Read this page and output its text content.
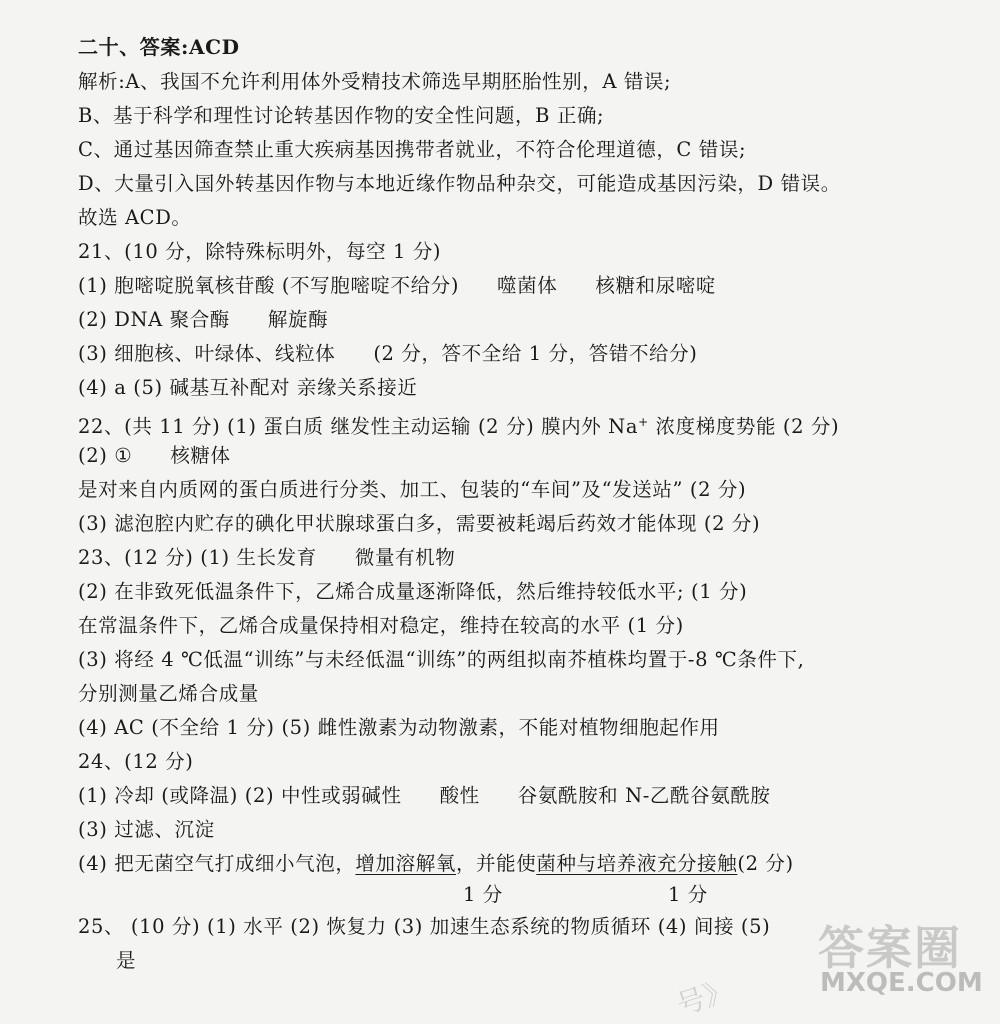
二十、答案:ACD
解析:A、我国不允许利用体外受精技术筛选早期胚胎性别，A 错误;
B、基于科学和理性讨论转基因作物的安全性问题，B 正确;
C、通过基因筛查禁止重大疾病基因携带者就业，不符合伦理道德，C 错误;
D、大量引入国外转基因作物与本地近缘作物品种杂交，可能造成基因污染，D 错误。
故选 ACD。
21、(10 分，除特殊标明外，每空 1 分)
(1) 胞嘧啶脱氧核苷酸 (不写胞嘧啶不给分) 噬菌体 核糖和尿嘧啶
(2) DNA 聚合酶 解旋酶
(3) 细胞核、叶绿体、线粒体 (2 分，答不全给 1 分，答错不给分)
(4) a (5) 碱基互补配对 亲缘关系接近
22、(共 11 分) (1) 蛋白质 继发性主动运输 (2 分) 膜内外 Na+ 浓度梯度势能 (2 分)
(2) ① 核糖体
是对来自内质网的蛋白质进行分类、加工、包装的“车间”及“发送站” (2 分)
(3) 滤泡腔内贮存的碘化甲状腺球蛋白多，需要被耗竭后药效才能体现 (2 分)
23、(12 分) (1) 生长发育 微量有机物
(2) 在非致死低温条件下，乙烯合成量逐渐降低，然后维持较低水平; (1 分)
在常温条件下，乙烯合成量保持相对稳定，维持在较高的水平 (1 分)
(3) 将经 4 ℃低温“训练”与未经低温“训练”的两组拟南芥植株均置于-8 ℃条件下,
分别测量乙烯合成量
(4) AC (不全给 1 分) (5) 雌性激素为动物激素，不能对植物细胞起作用
24、(12 分)
(1) 冷却 (或降温) (2) 中性或弱碱性 酸性 谷氨酰胺和 N-乙酰谷氨酰胺
(3) 过滤、沉淀
(4) 把无菌空气打成细小气泡，增加溶解氧，并能使菌种与培养液充分接触(2 分)
1 分	1 分
25、 (10 分) (1) 水平 (2) 恢复力 (3) 加速生态系统的物质循环 (4) 间接 (5)
是
号》
答案圈
MXQE.COM
